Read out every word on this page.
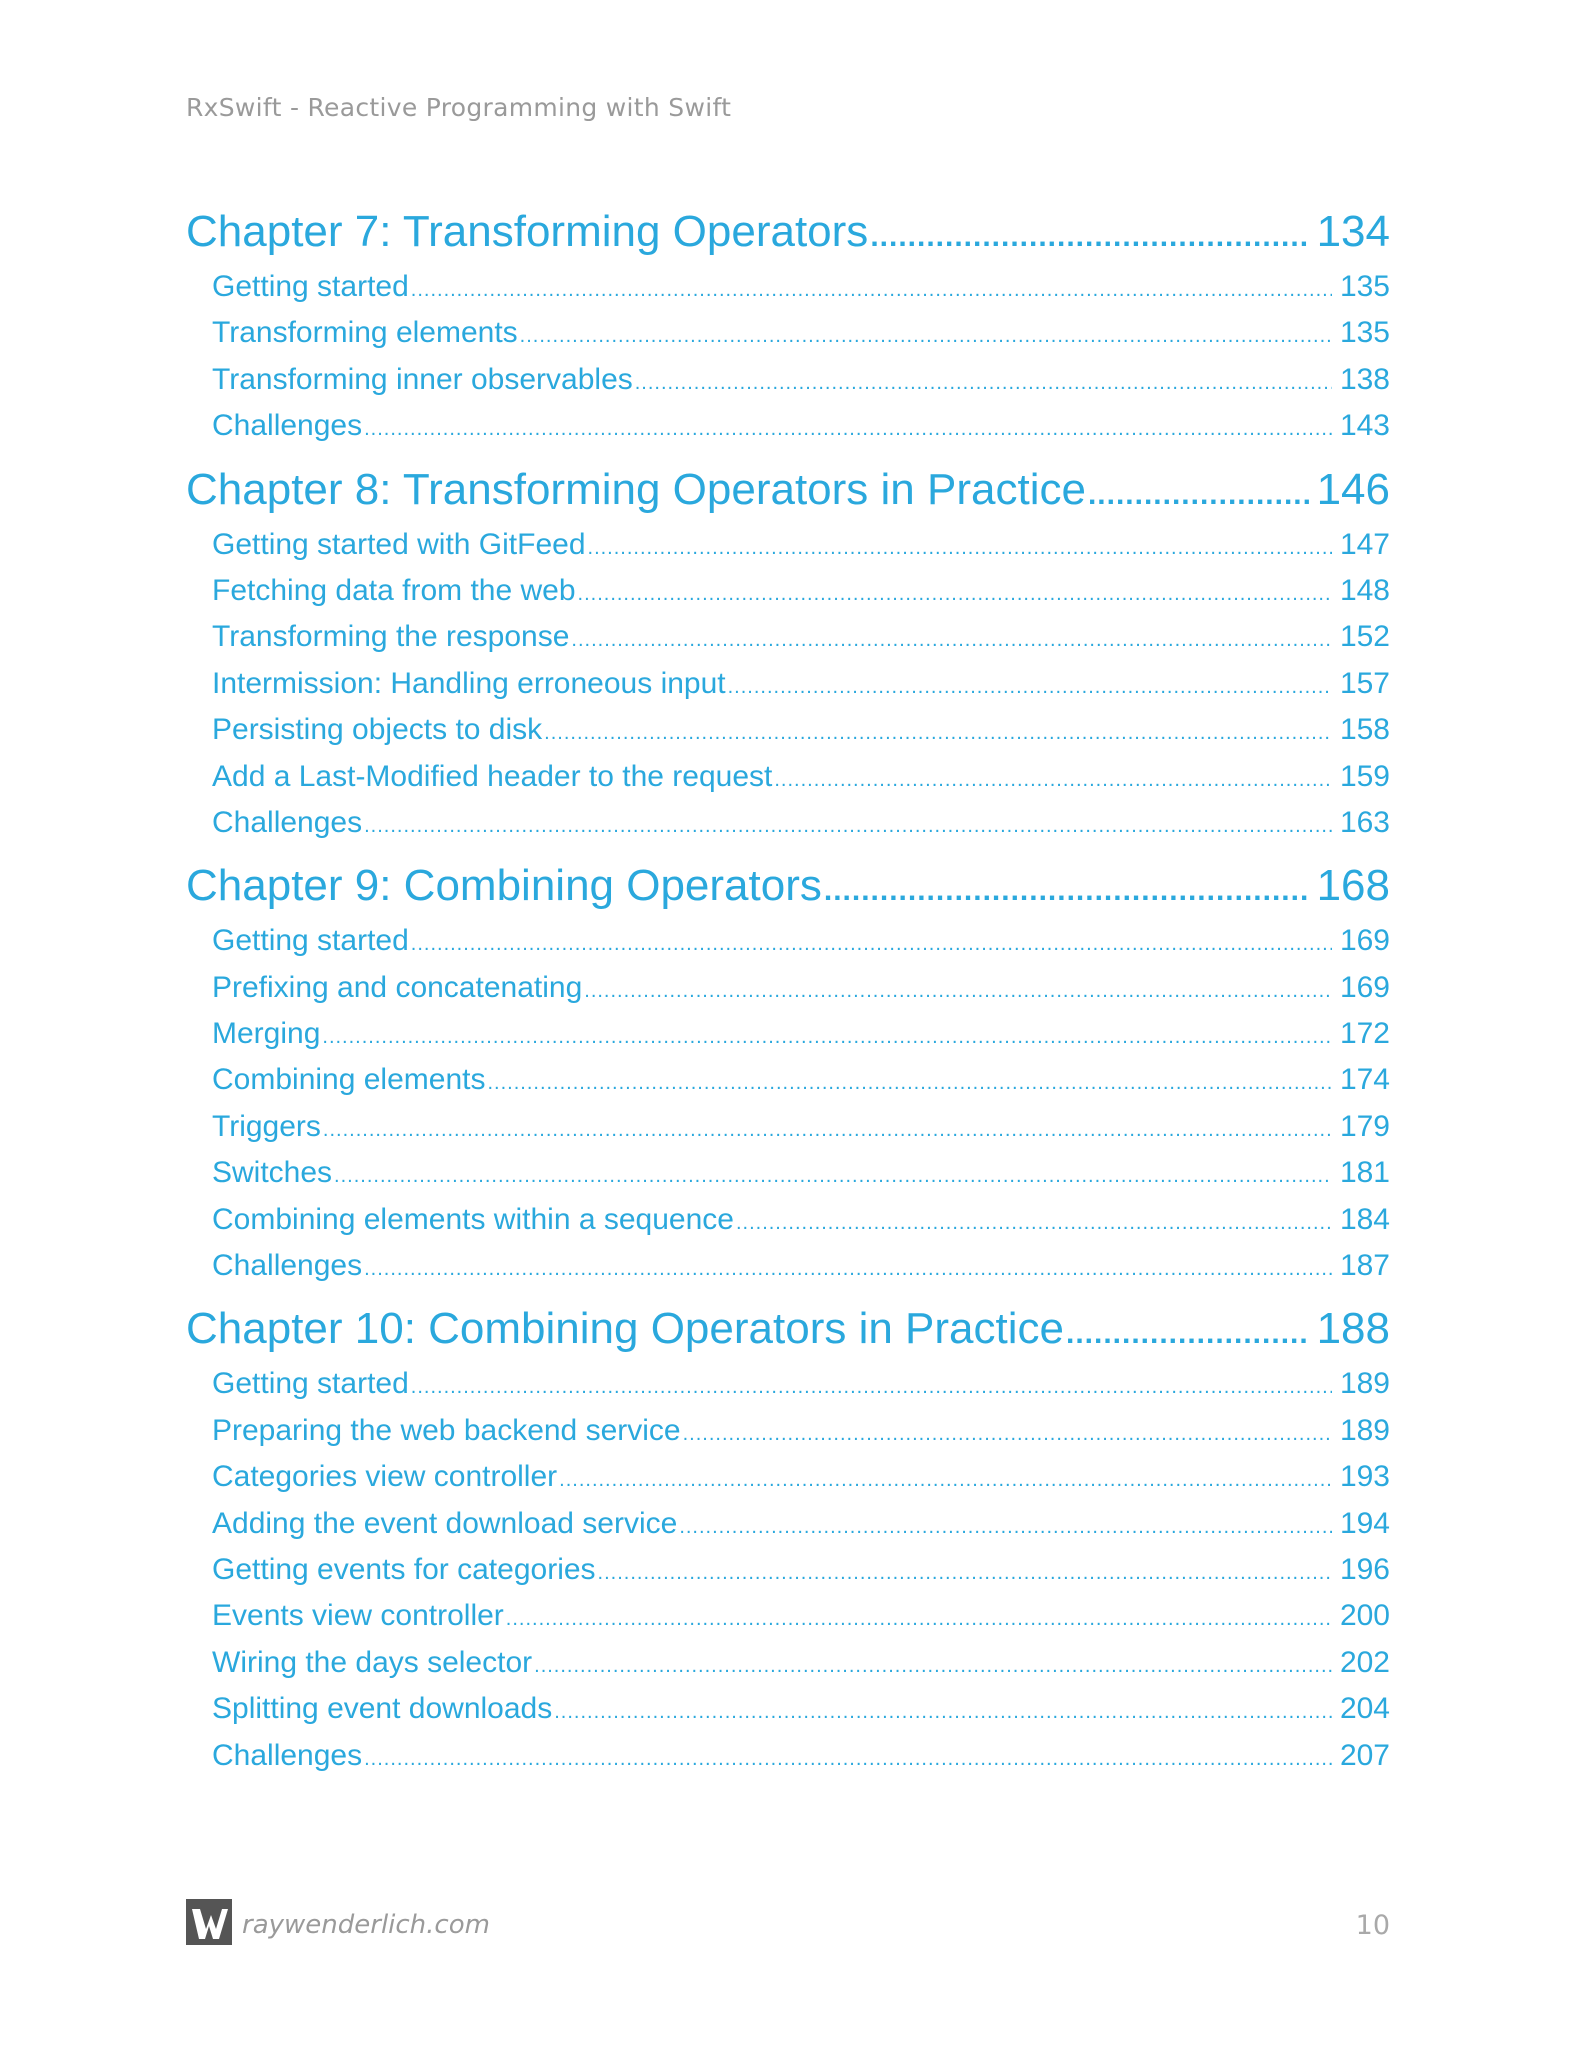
RxSwift - Reactive Programming with Swift
Chapter 7: Transforming Operators .....	134
Getting started .....	135
Transforming elements .....	135
Transforming inner observables .....	138
Challenges .....	143
Chapter 8: Transforming Operators in Practice .....	146
Getting started with GitFeed .....	147
Fetching data from the web .....	148
Transforming the response .....	152
Intermission: Handling erroneous input .....	157
Persisting objects to disk .....	158
Add a Last-Modified header to the request .....	159
Challenges .....	163
Chapter 9: Combining Operators .....	168
Getting started .....	169
Prefixing and concatenating .....	169
Merging .....	172
Combining elements .....	174
Triggers .....	179
Switches .....	181
Combining elements within a sequence .....	184
Challenges .....	187
Chapter 10: Combining Operators in Practice .....	188
Getting started .....	189
Preparing the web backend service .....	189
Categories view controller .....	193
Adding the event download service .....	194
Getting events for categories .....	196
Events view controller .....	200
Wiring the days selector .....	202
Splitting event downloads .....	204
Challenges .....	207
raywenderlich.com	10
